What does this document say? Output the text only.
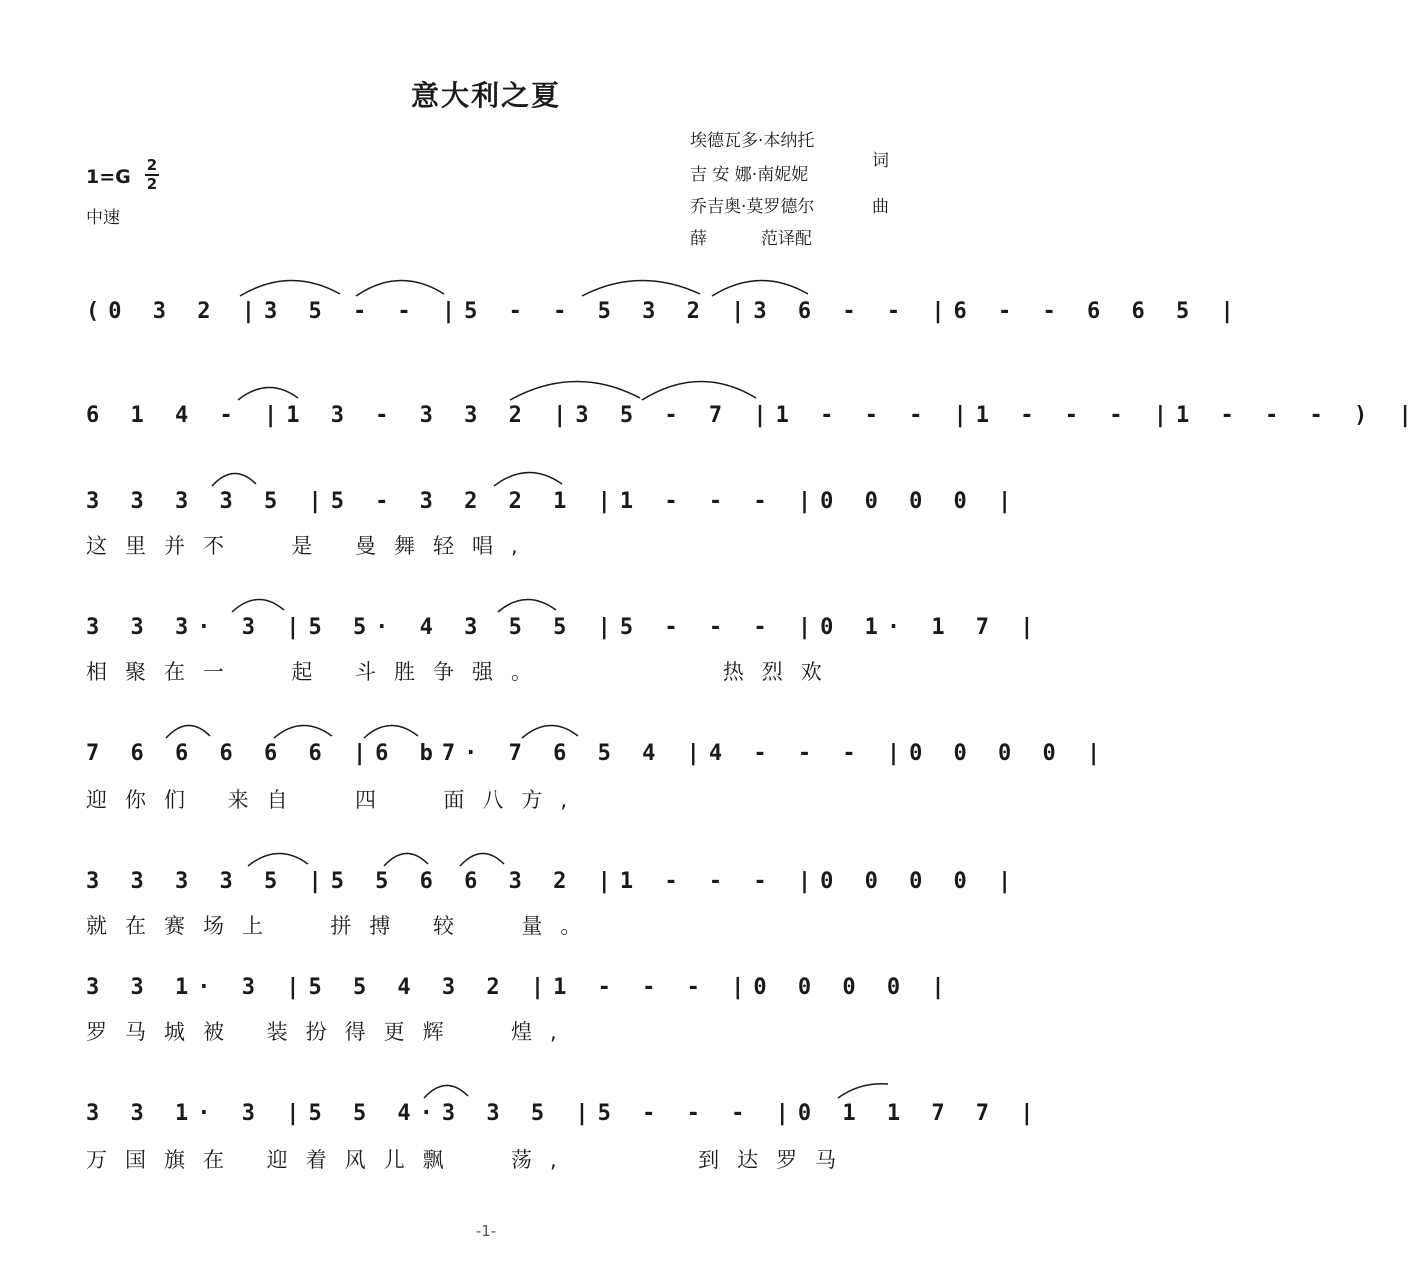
意大利之夏
埃德瓦多·本纳托
吉 安 娜·南妮妮
词
乔吉奥·莫罗德尔	曲
薛          范译配
1=G
2
2
中速
(0 3 2 |3 5 - - |5 - - 5 3 2 |3 6 - - |6 - - 6 6 5 |
6 1 4 - |1 3 - 3 3 2 |3 5 - 7 |1 - - - |1 - - - |1 - - - ) |
3 3 3 3 5 |5 - 3 2 2 1 |1 - - - |0 0 0 0 |
这里并不  是 曼舞轻唱,
3 3 3· 3 |5 5· 4 3 5 5 |5 - - - |0 1· 1 7 |
相聚在一  起 斗胜争强。       热烈欢
7 6 6 6 6 6 |6 b7· 7 6 5 4 |4 - - - |0 0 0 0 |
迎你们 来自  四  面八方,
3 3 3 3 5 |5 5 6 6 3 2 |1 - - - |0 0 0 0 |
就在赛场上  拼搏 较  量。
3 3 1· 3 |5 5 4 3 2 |1 - - - |0 0 0 0 |
罗马城被 装扮得更辉  煌,
3 3 1· 3 |5 5 4·3 3 5 |5 - - - |0 1 1 7 7 |
万国旗在 迎着风儿飘  荡,     到达罗马
-1-
